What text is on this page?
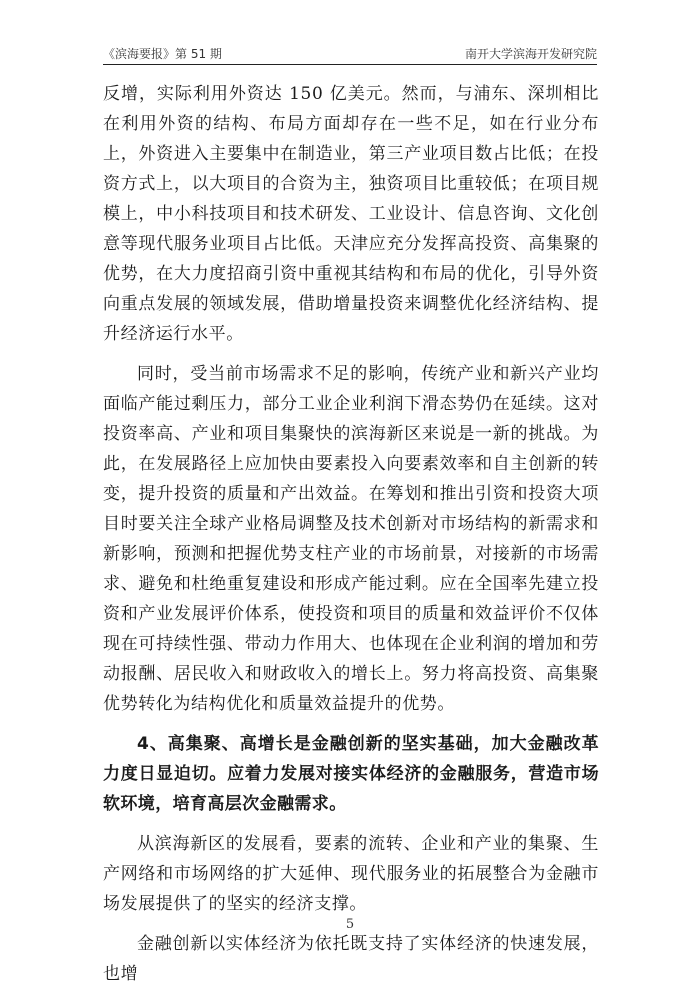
《滨海要报》第 51 期	南开大学滨海开发研究院

反增，实际利用外资达 150 亿美元。然而，与浦东、深圳相比在利用外资的结构、布局方面却存在一些不足，如在行业分布上，外资进入主要集中在制造业，第三产业项目数占比低；在投资方式上，以大项目的合资为主，独资项目比重较低；在项目规模上，中小科技项目和技术研发、工业设计、信息咨询、文化创意等现代服务业项目占比低。天津应充分发挥高投资、高集聚的优势，在大力度招商引资中重视其结构和布局的优化，引导外资向重点发展的领域发展，借助增量投资来调整优化经济结构、提升经济运行水平。

同时，受当前市场需求不足的影响，传统产业和新兴产业均面临产能过剩压力，部分工业企业利润下滑态势仍在延续。这对投资率高、产业和项目集聚快的滨海新区来说是一新的挑战。为此，在发展路径上应加快由要素投入向要素效率和自主创新的转变，提升投资的质量和产出效益。在筹划和推出引资和投资大项目时要关注全球产业格局调整及技术创新对市场结构的新需求和新影响，预测和把握优势支柱产业的市场前景，对接新的市场需求、避免和杜绝重复建设和形成产能过剩。应在全国率先建立投资和产业发展评价体系，使投资和项目的质量和效益评价不仅体现在可持续性强、带动力作用大、也体现在企业利润的增加和劳动报酬、居民收入和财政收入的增长上。努力将高投资、高集聚优势转化为结构优化和质量效益提升的优势。

4、高集聚、高增长是金融创新的坚实基础，加大金融改革力度日显迫切。应着力发展对接实体经济的金融服务，营造市场软环境，培育高层次金融需求。

从滨海新区的发展看，要素的流转、企业和产业的集聚、生产网络和市场网络的扩大延伸、现代服务业的拓展整合为金融市场发展提供了的坚实的经济支撑。

金融创新以实体经济为依托既支持了实体经济的快速发展，也增

5
